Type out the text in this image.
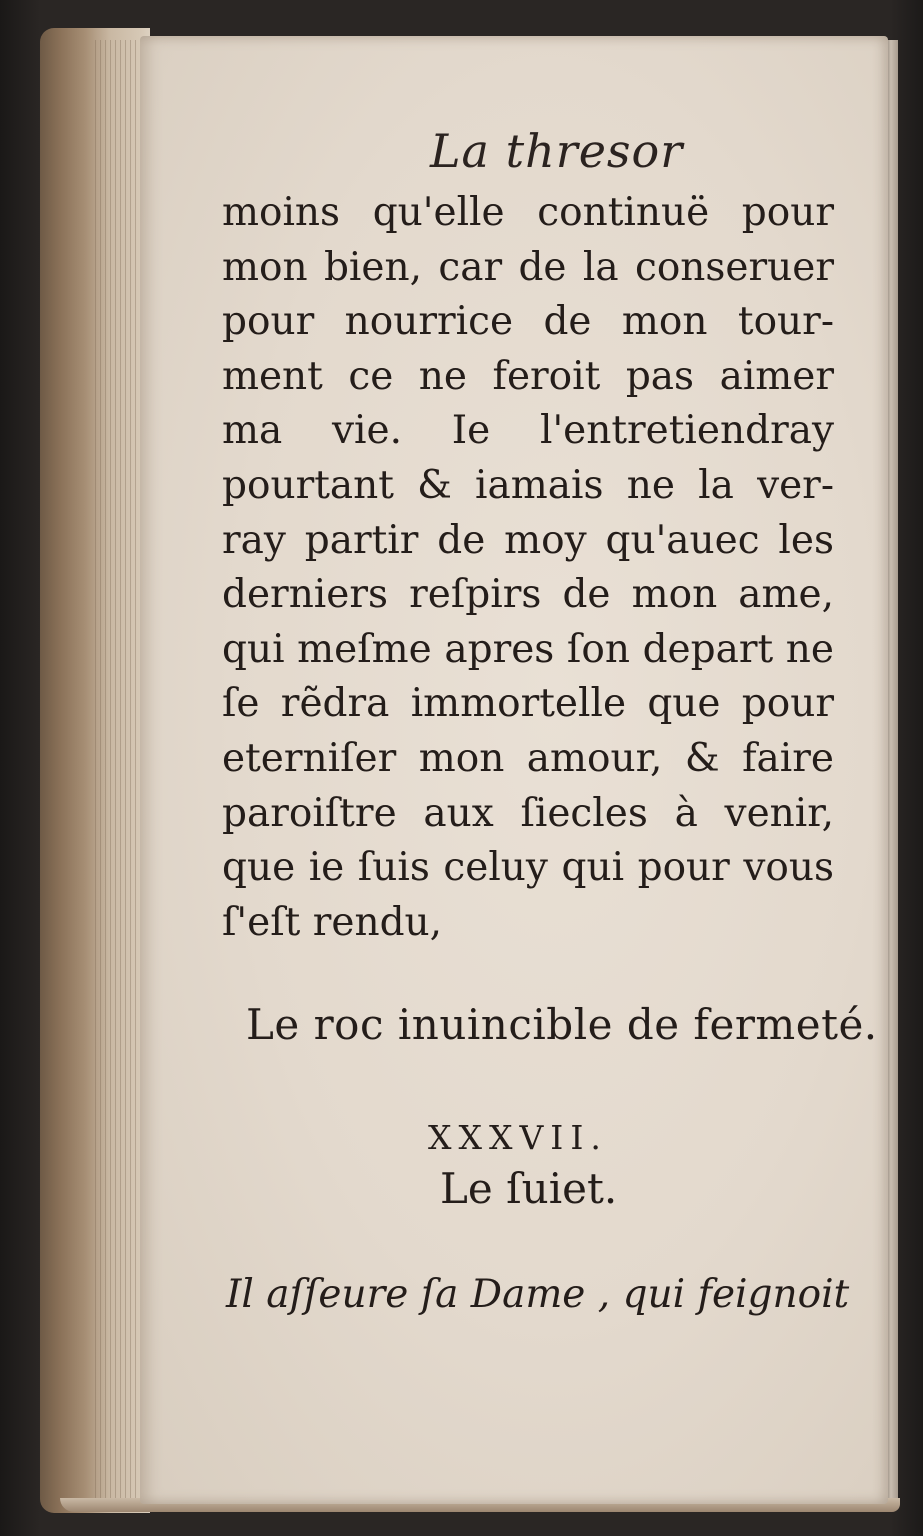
La thresor
moins qu'elle continuë pour
mon bien, car de la conseruer
pour nourrice de mon tour-
ment ce ne feroit pas aimer
ma vie. Ie l'entretiendray
pourtant & iamais ne la ver-
ray partir de moy qu'auec les
derniers reſpirs de mon ame,
qui meſme apres ſon depart ne
ſe rẽdra immortelle que pour
eterniſer mon amour, & faire
paroiſtre aux ſiecles à venir,
que ie ſuis celuy qui pour vous
ſ'eſt rendu,
Le roc inuincible de fermeté.
XXXVII.
Le ſuiet.
Il aſſeure ſa Dame , qui feignoit
